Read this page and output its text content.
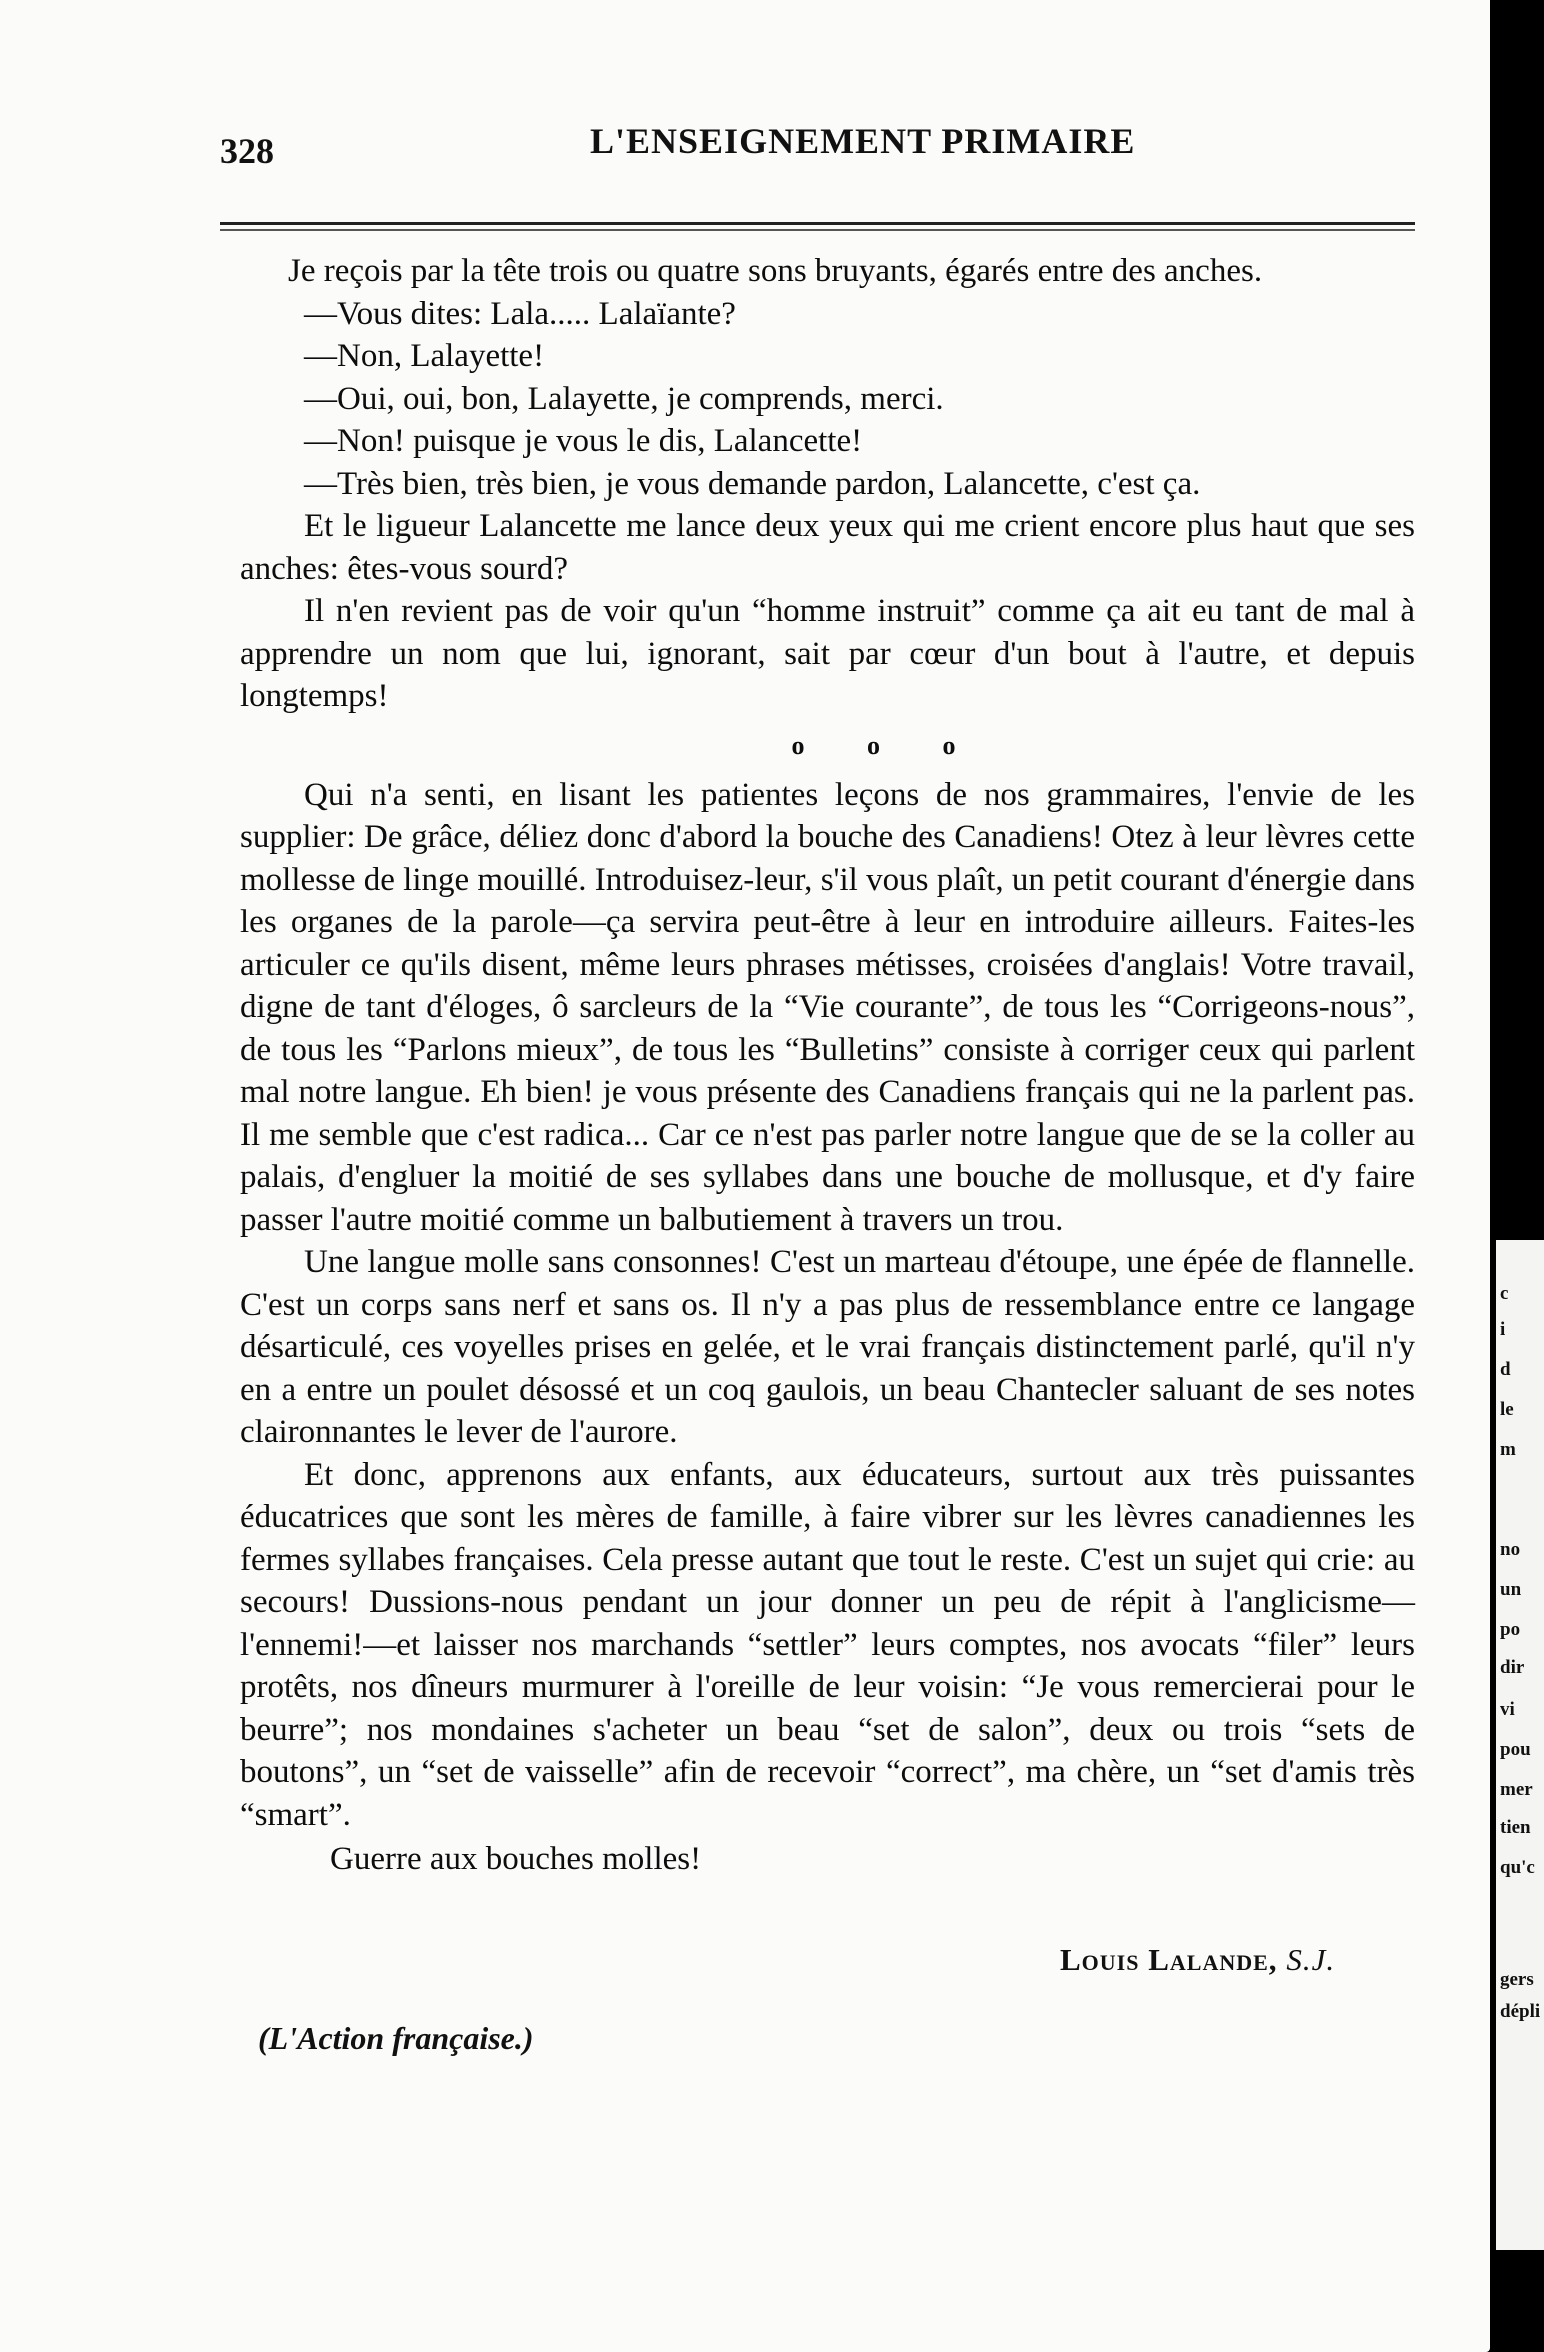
328	L'ENSEIGNEMENT PRIMAIRE

Je reçois par la tête trois ou quatre sons bruyants, égarés entre des anches.

—Vous dites: Lala..... Lalaïante?

—Non, Lalayette!

—Oui, oui, bon, Lalayette, je comprends, merci.

—Non! puisque je vous le dis, Lalancette!

—Très bien, très bien, je vous demande pardon, Lalancette, c'est ça.

Et le ligueur Lalancette me lance deux yeux qui me crient encore plus haut que ses anches: êtes-vous sourd?

Il n'en revient pas de voir qu'un “homme instruit” comme ça ait eu tant de mal à apprendre un nom que lui, ignorant, sait par cœur d'un bout à l'autre, et depuis longtemps!

o o o

Qui n'a senti, en lisant les patientes leçons de nos grammaires, l'envie de les supplier: De grâce, déliez donc d'abord la bouche des Canadiens! Otez à leur lèvres cette mollesse de linge mouillé. Introduisez-leur, s'il vous plaît, un petit courant d'énergie dans les organes de la parole—ça servira peut-être à leur en introduire ailleurs. Faites-les articuler ce qu'ils disent, même leurs phrases métisses, croisées d'anglais! Votre travail, digne de tant d'éloges, ô sarcleurs de la “Vie courante”, de tous les “Corrigeons-nous”, de tous les “Parlons mieux”, de tous les “Bulletins” consiste à corriger ceux qui parlent mal notre langue. Eh bien! je vous présente des Canadiens français qui ne la parlent pas. Il me semble que c'est radica... Car ce n'est pas parler notre langue que de se la coller au palais, d'engluer la moitié de ses syllabes dans une bouche de mollusque, et d'y faire passer l'autre moitié comme un balbutiement à travers un trou.

Une langue molle sans consonnes! C'est un marteau d'étoupe, une épée de flannelle. C'est un corps sans nerf et sans os. Il n'y a pas plus de ressemblance entre ce langage désarticulé, ces voyelles prises en gelée, et le vrai français distinctement parlé, qu'il n'y en a entre un poulet désossé et un coq gaulois, un beau Chantecler saluant de ses notes claironnantes le lever de l'aurore.

Et donc, apprenons aux enfants, aux éducateurs, surtout aux très puissantes éducatrices que sont les mères de famille, à faire vibrer sur les lèvres canadiennes les fermes syllabes françaises. Cela presse autant que tout le reste. C'est un sujet qui crie: au secours! Dussions-nous pendant un jour donner un peu de répit à l'anglicisme—l'ennemi!—et laisser nos marchands “settler” leurs comptes, nos avocats “filer” leurs protêts, nos dîneurs murmurer à l'oreille de leur voisin: “Je vous remercierai pour le beurre”; nos mondaines s'acheter un beau “set de salon”, deux ou trois “sets de boutons”, un “set de vaisselle” afin de recevoir “correct”, ma chère, un “set d'amis très “smart”.

Guerre aux bouches molles!

Louis Lalande, S.J.
(L'Action française.)
c
i
d
le
m
no
un
po
dir
vi
pou
mer
tien
qu'c
gers
dépli
